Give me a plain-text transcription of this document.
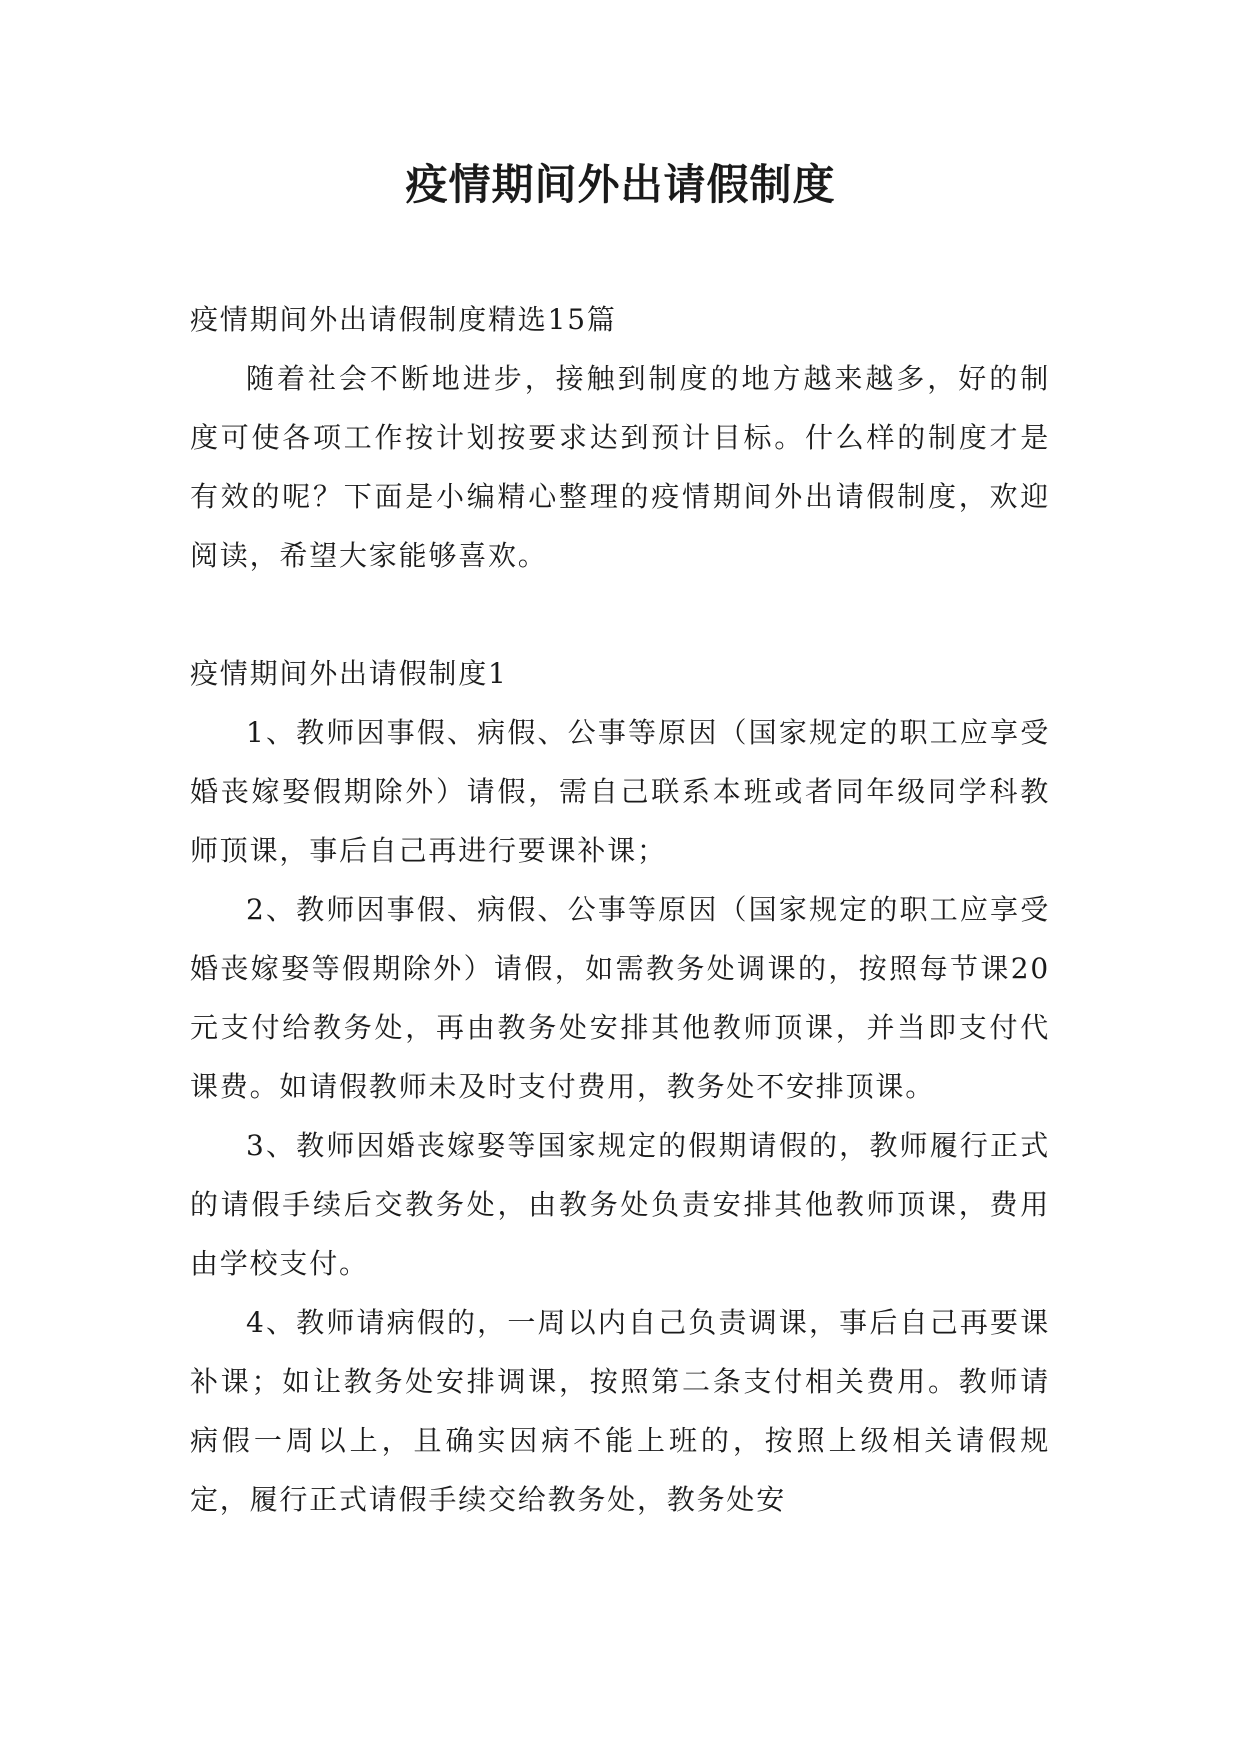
疫情期间外出请假制度

疫情期间外出请假制度精选15篇

随着社会不断地进步，接触到制度的地方越来越多，好的制度可使各项工作按计划按要求达到预计目标。什么样的制度才是有效的呢？下面是小编精心整理的疫情期间外出请假制度，欢迎阅读，希望大家能够喜欢。

疫情期间外出请假制度1

1、教师因事假、病假、公事等原因（国家规定的职工应享受婚丧嫁娶假期除外）请假，需自己联系本班或者同年级同学科教师顶课，事后自己再进行要课补课；

2、教师因事假、病假、公事等原因（国家规定的职工应享受婚丧嫁娶等假期除外）请假，如需教务处调课的，按照每节课20元支付给教务处，再由教务处安排其他教师顶课，并当即支付代课费。如请假教师未及时支付费用，教务处不安排顶课。

3、教师因婚丧嫁娶等国家规定的假期请假的，教师履行正式的请假手续后交教务处，由教务处负责安排其他教师顶课，费用由学校支付。

4、教师请病假的，一周以内自己负责调课，事后自己再要课补课；如让教务处安排调课，按照第二条支付相关费用。教师请病假一周以上，且确实因病不能上班的，按照上级相关请假规定，履行正式请假手续交给教务处，教务处安
